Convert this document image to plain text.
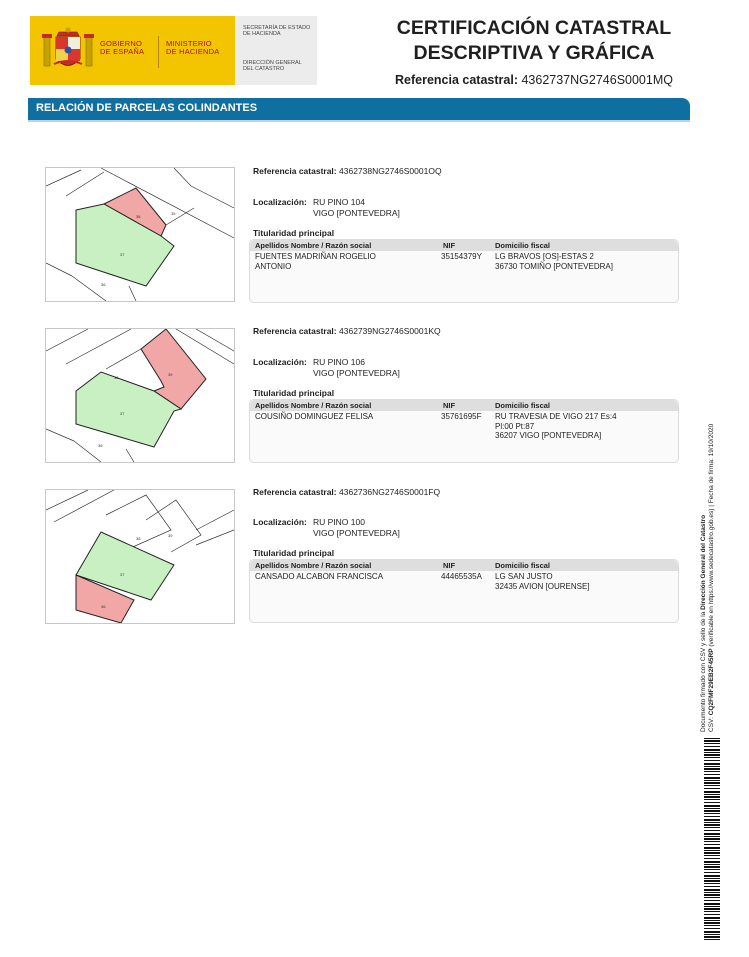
GOBIERNO
DE ESPAÑA
MINISTERIO
DE HACIENDA
SECRETARÍA DE ESTADO
DE HACIENDA
DIRECCIÓN GENERAL
DEL CATASTRO
CERTIFICACIÓN CATASTRAL
DESCRIPTIVA Y GRÁFICA
Referencia catastral: 4362737NG2746S0001MQ
RELACIÓN DE PARCELAS COLINDANTES
38
37
36
35
Referencia catastral: 4362738NG2746S0001OQ
Localización: RU PINO 104
VIGO [PONTEVEDRA]
Titularidad principal
Apellidos Nombre / Razón social	NIF	Domicilio fiscal
FUENTES MADRIÑAN ROGELIO
ANTONIO
35154379Y LG BRAVOS [OS]-ESTAS 2
36730 TOMIÑO [PONTEVEDRA]
38
39
37
36
Referencia catastral: 4362739NG2746S0001KQ
Localización: RU PINO 106
VIGO [PONTEVEDRA]
Titularidad principal
Apellidos Nombre / Razón social	NIF	Domicilio fiscal
COUSIÑO DOMINGUEZ FELISA	35761695F RU TRAVESIA DE VIGO 217 Es:4
Pl:00 Pt:87
36207 VIGO [PONTEVEDRA]
38
39
37
36
Referencia catastral: 4362736NG2746S0001FQ
Localización: RU PINO 100
VIGO [PONTEVEDRA]
Titularidad principal
Apellidos Nombre / Razón social	NIF	Domicilio fiscal
CANSADO ALCABON FRANCISCA	44465535A LG SAN JUSTO
32435 AVION [OURENSE]
Documento firmado con CSV y sello de la Dirección General del Catastro
CSV: CQ2FMF29EB2F45RP (verificable en https://www.sedecatastro.gob.es) | Fecha de firma: 19/10/2020
